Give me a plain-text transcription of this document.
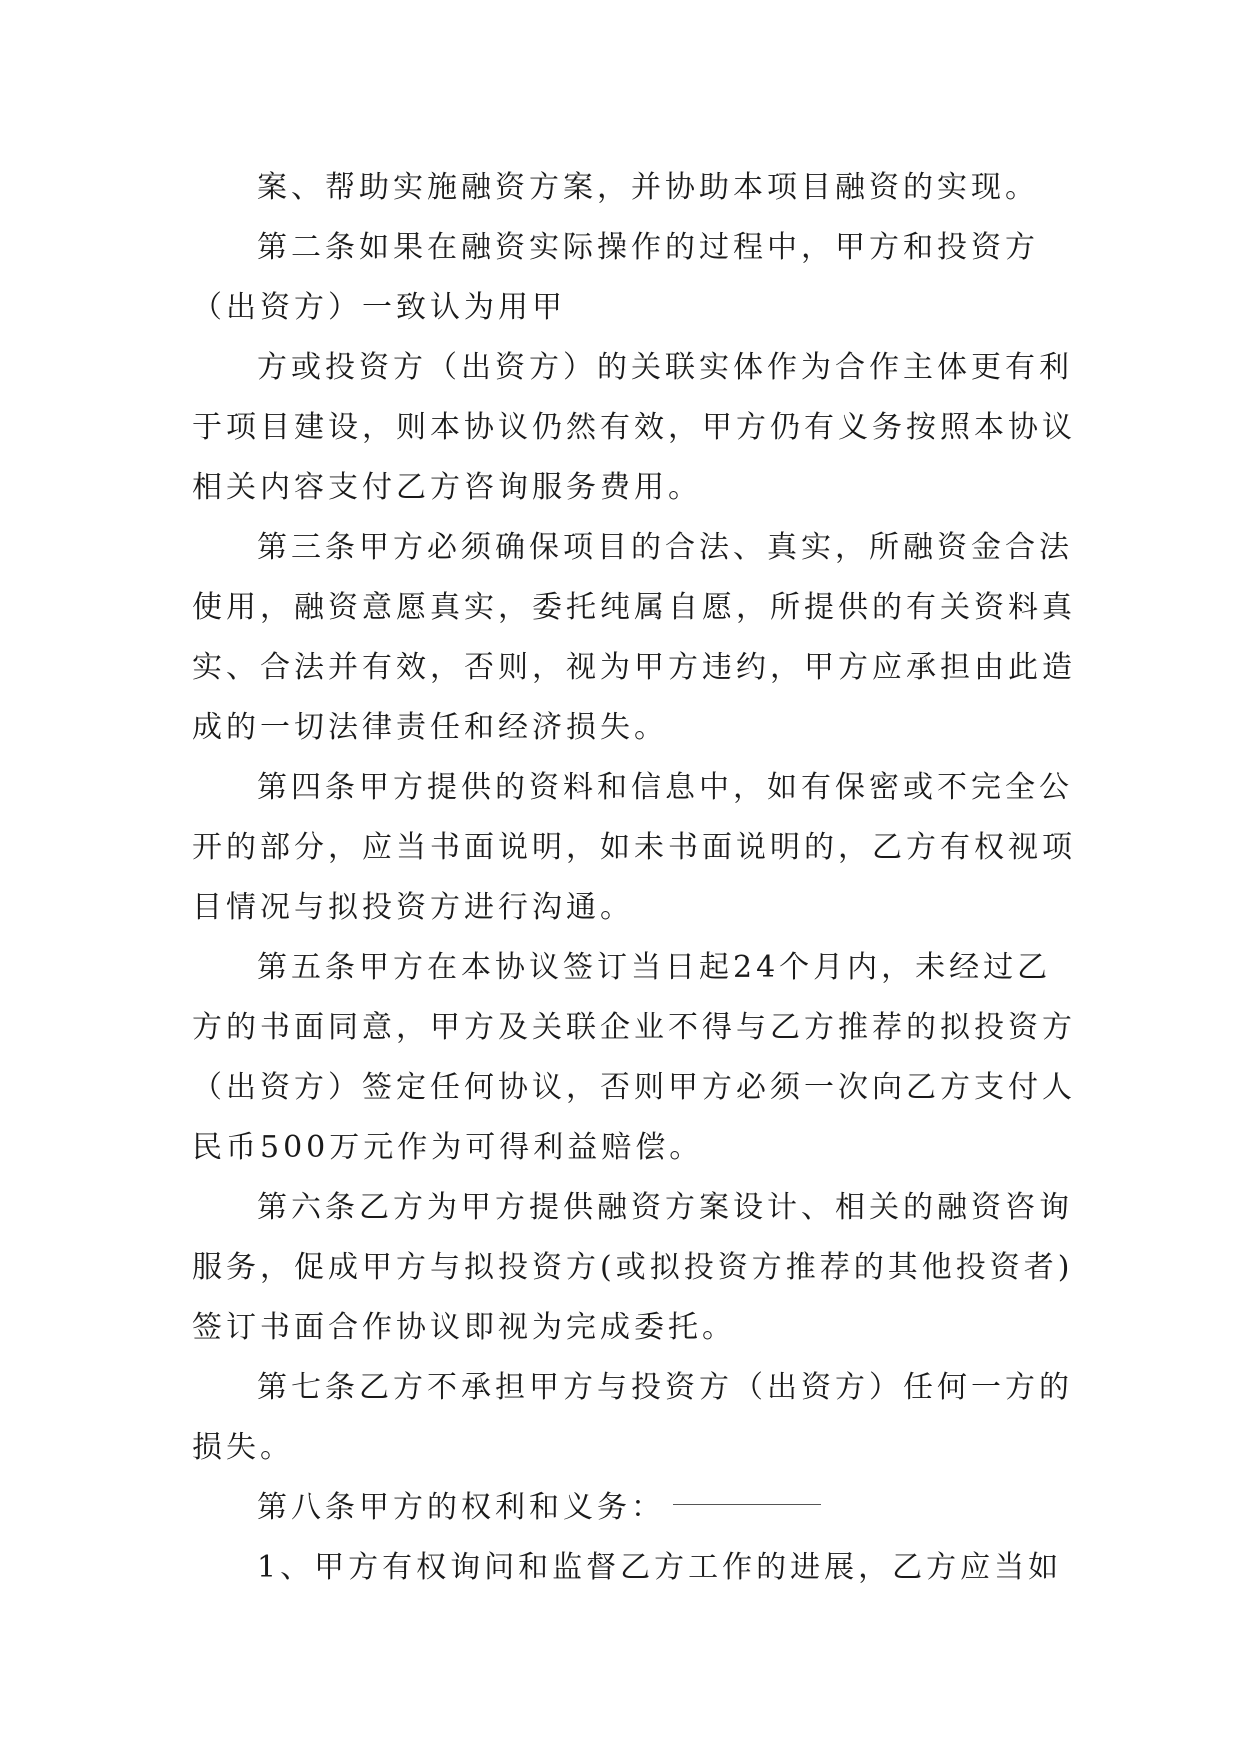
案、帮助实施融资方案，并协助本项目融资的实现。
第二条如果在融资实际操作的过程中，甲方和投资方
（出资方）一致认为用甲
方或投资方（出资方）的关联实体作为合作主体更有利
于项目建设，则本协议仍然有效，甲方仍有义务按照本协议
相关内容支付乙方咨询服务费用。
第三条甲方必须确保项目的合法、真实，所融资金合法
使用，融资意愿真实，委托纯属自愿，所提供的有关资料真
实、合法并有效，否则，视为甲方违约，甲方应承担由此造
成的一切法律责任和经济损失。
第四条甲方提供的资料和信息中，如有保密或不完全公
开的部分，应当书面说明，如未书面说明的，乙方有权视项
目情况与拟投资方进行沟通。
第五条甲方在本协议签订当日起24个月内，未经过乙
方的书面同意，甲方及关联企业不得与乙方推荐的拟投资方
（出资方）签定任何协议，否则甲方必须一次向乙方支付人
民币500万元作为可得利益赔偿。
第六条乙方为甲方提供融资方案设计、相关的融资咨询
服务，促成甲方与拟投资方(或拟投资方推荐的其他投资者)
签订书面合作协议即视为完成委托。
第七条乙方不承担甲方与投资方（出资方）任何一方的
损失。
第八条甲方的权利和义务：
1、甲方有权询问和监督乙方工作的进展，乙方应当如
